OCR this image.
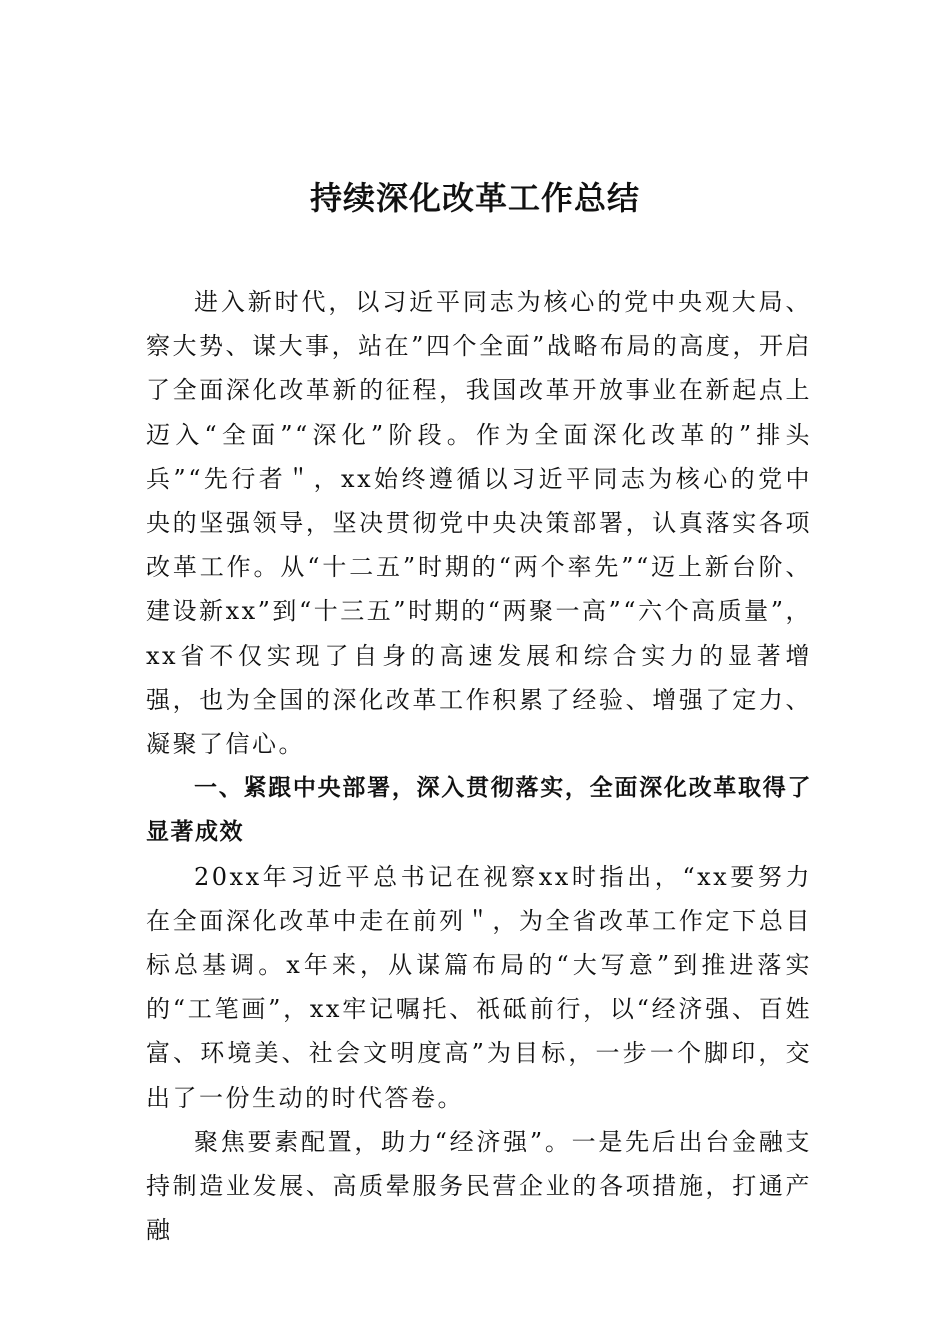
持续深化改革工作总结

进入新时代，以习近平同志为核心的党中央观大局、察大势、谋大事，站在”四个全面”战略布局的高度，开启了全面深化改革新的征程，我国改革开放事业在新起点上迈入“全面”“深化”阶段。作为全面深化改革的”排头兵”“先行者＂，xx始终遵循以习近平同志为核心的党中央的坚强领导，坚决贯彻党中央决策部署，认真落实各项改革工作。从“十二五”时期的“两个率先”“迈上新台阶、建设新xx”到“十三五”时期的“两聚一高”“六个高质量”，xx省不仅实现了自身的高速发展和综合实力的显著增强，也为全国的深化改革工作积累了经验、增强了定力、凝聚了信心。

一、紧跟中央部署，深入贯彻落实，全面深化改革取得了显著成效

20xx年习近平总书记在视察xx时指出，“xx要努力在全面深化改革中走在前列＂，为全省改革工作定下总目标总基调。x年来，从谋篇布局的“大写意”到推进落实的“工笔画”，xx牢记嘱托、祇砥前行，以“经济强、百姓富、环境美、社会文明度高”为目标，一步一个脚印，交出了一份生动的时代答卷。

聚焦要素配置，助力“经济强”。一是先后出台金融支持制造业发展、高质晕服务民营企业的各项措施，打通产融
